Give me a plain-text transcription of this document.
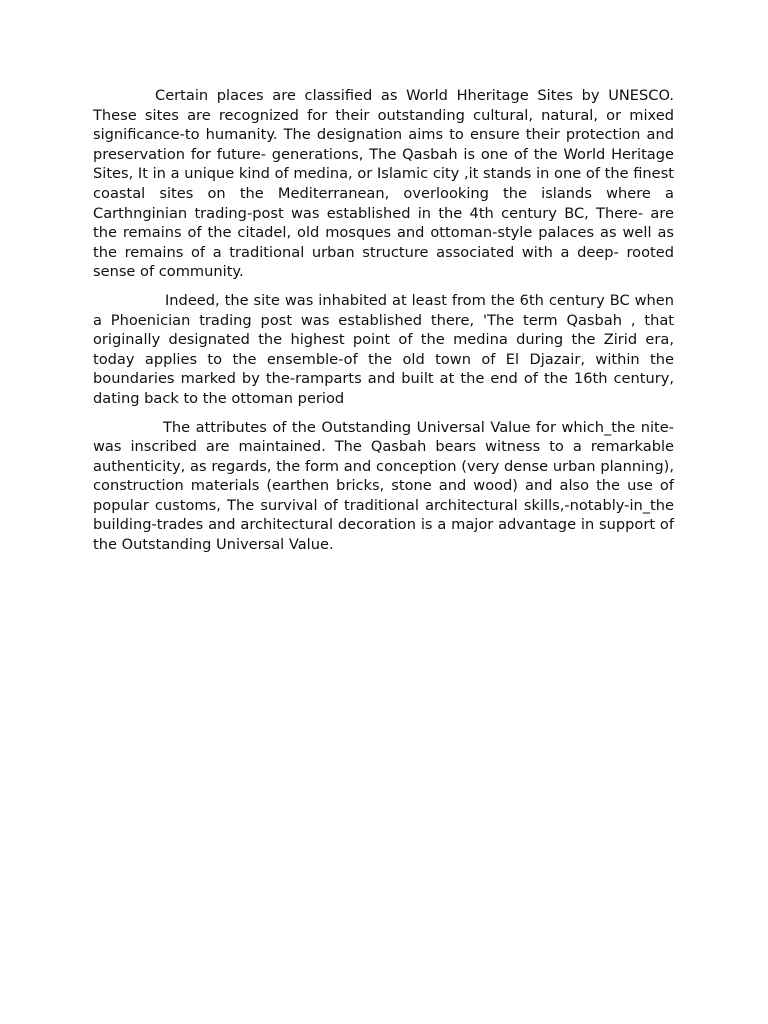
Certain places are classified as World Hheritage Sites by UNESCO. These sites are recognized for their outstanding cultural, natural, or mixed significance-to humanity. The designation aims to ensure their protection and preservation for future- generations, The Qasbah is one of the World Heritage Sites, It in a unique kind of medina, or Islamic city ,it stands in one of the finest coastal sites on the Mediterranean, overlooking the islands where a Carthnginian trading-post was established in the 4th century BC, There- are the remains of the citadel, old mosques and ottoman-style palaces as well as the remains of a traditional urban structure associated with a deep- rooted sense of community.

Indeed, the site was inhabited at least from the 6th century BC when a Phoenician trading post was established there, 'The term Qasbah , that originally designated the highest point of the medina during the Zirid era, today applies to the ensemble-of the old town of El Djazair, within the boundaries marked by the-ramparts and built at the end of the 16th century, dating back to the ottoman period

The attributes of the Outstanding Universal Value for which_the nite- was inscribed are maintained. The Qasbah bears witness to a remarkable authenticity, as regards, the form and conception (very dense urban planning), construction materials (earthen bricks, stone and wood) and also the use of popular customs, The survival of traditional architectural skills,-notably-in_the building-trades and architectural decoration is a major advantage in support of the Outstanding Universal Value.
